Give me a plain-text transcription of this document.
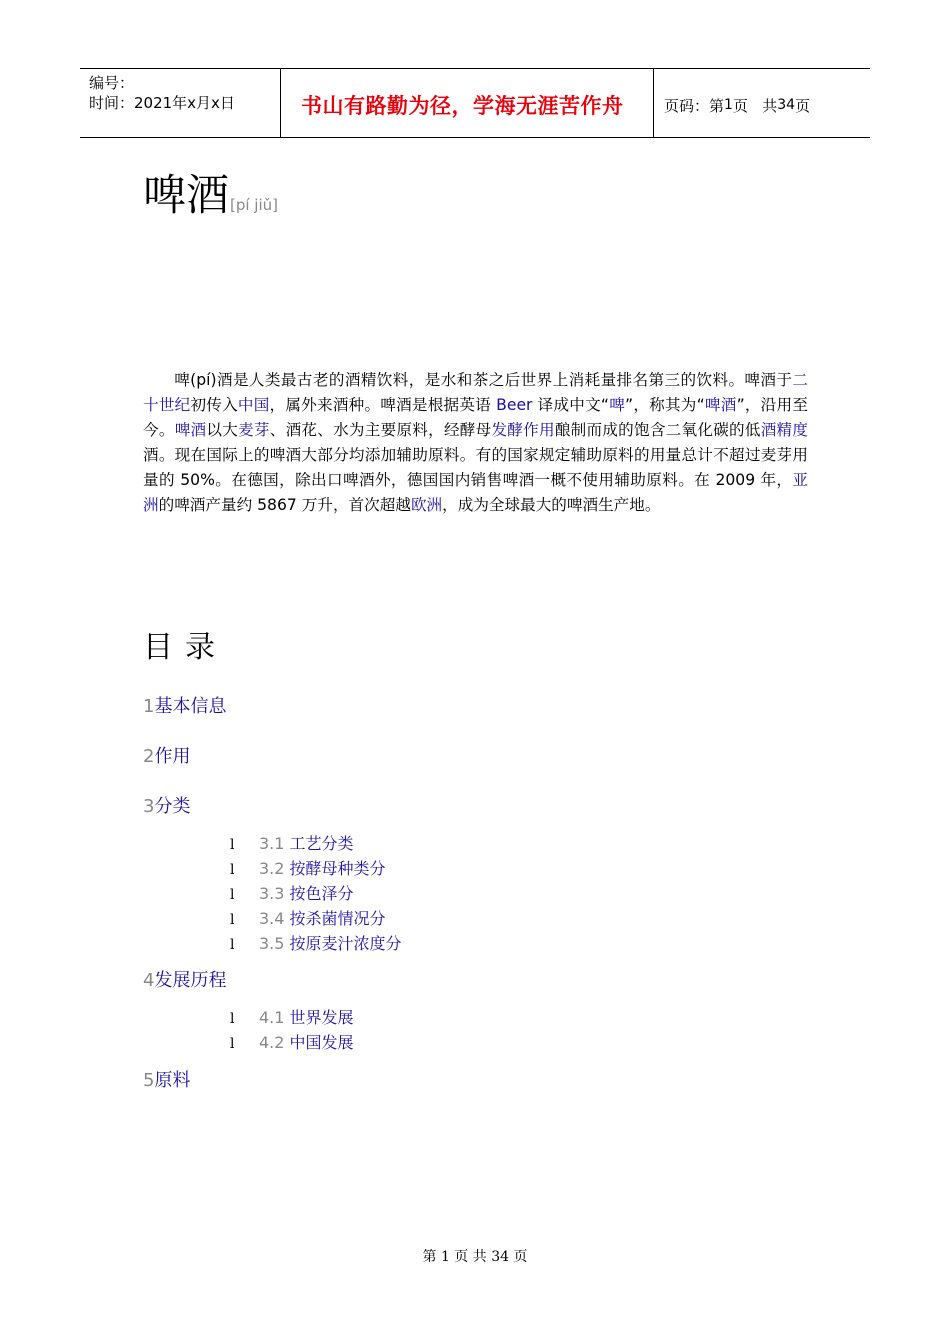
编号：
时间：2021年x月x日	书山有路勤为径，学海无涯苦作舟	页码：第 1 页   共 34 页
啤酒[pí jiǔ]
啤(pí)酒是人类最古老的酒精饮料，是水和茶之后世界上消耗量排名第三的饮料。啤酒于二十世纪初传入中国，属外来酒种。啤酒是根据英语 Beer 译成中文“啤”，称其为“啤酒”，沿用至今。啤酒以大麦芽、酒花、水为主要原料，经酵母发酵作用酿制而成的饱含二氧化碳的低酒精度酒。现在国际上的啤酒大部分均添加辅助原料。有的国家规定辅助原料的用量总计不超过麦芽用量的 50%。在德国，除出口啤酒外，德国国内销售啤酒一概不使用辅助原料。在 2009 年，亚洲的啤酒产量约 5867 万升，首次超越欧洲，成为全球最大的啤酒生产地。
目录
1基本信息
2作用
3分类
l 3.1 工艺分类
l 3.2 按酵母种类分
l 3.3 按色泽分
l 3.4 按杀菌情况分
l 3.5 按原麦汁浓度分
4发展历程
l 4.1 世界发展
l 4.2 中国发展
5原料
第 1 页 共 34 页
